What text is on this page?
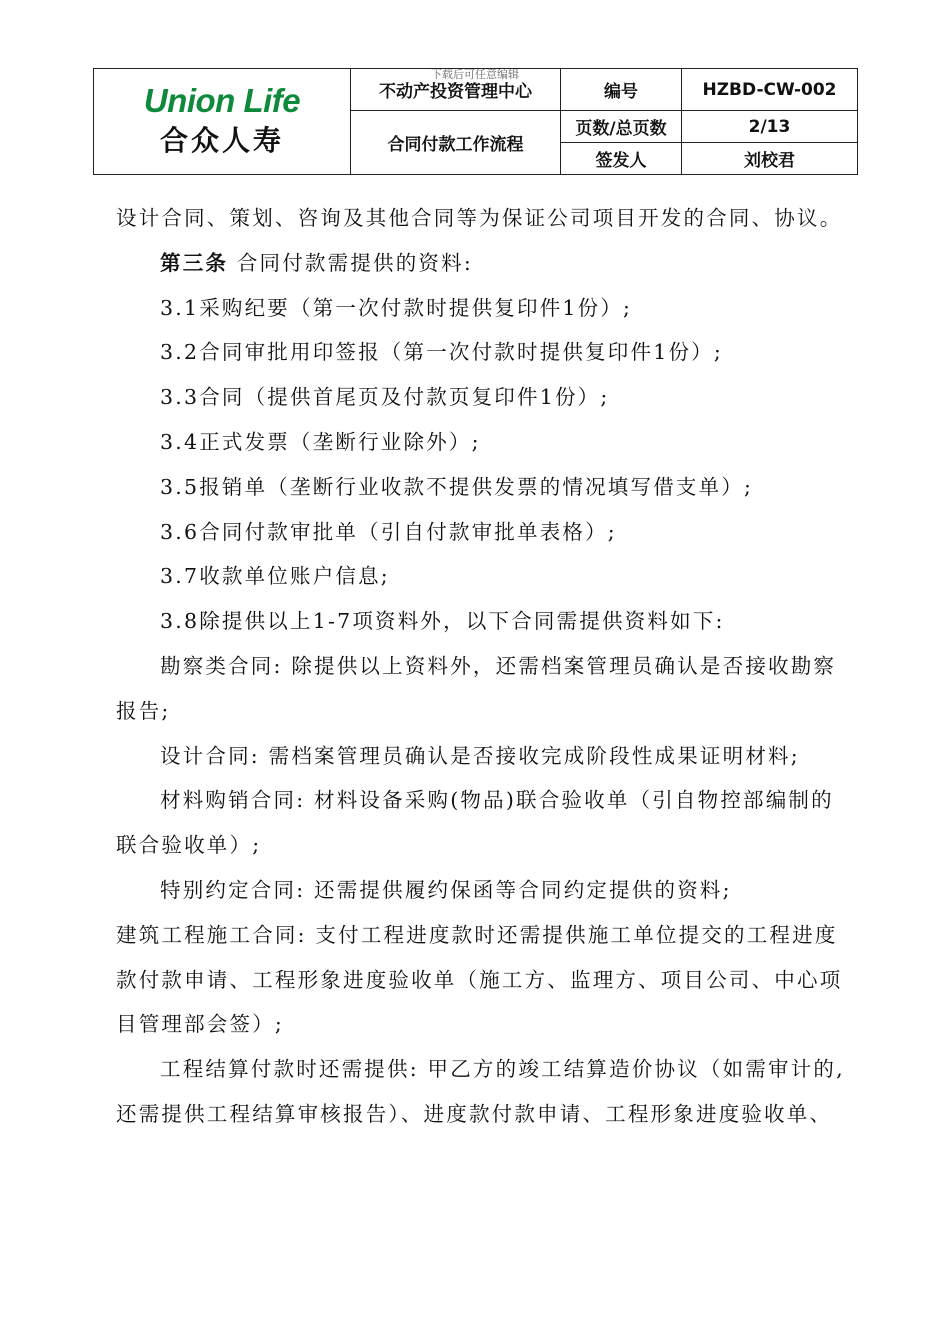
下载后可任意编辑
Union Life
合众人寿	不动产投资管理中心	编号	HZBD-CW-002
	合同付款工作流程	页数/总页数	2/13
		签发人	刘校君

设计合同、策划、咨询及其他合同等为保证公司项目开发的合同、协议。

第三条 合同付款需提供的资料:

3.1采购纪要（第一次付款时提供复印件1份）;

3.2合同审批用印签报（第一次付款时提供复印件1份）;

3.3合同（提供首尾页及付款页复印件1份）;

3.4正式发票（垄断行业除外）;

3.5报销单（垄断行业收款不提供发票的情况填写借支单）;

3.6合同付款审批单（引自付款审批单表格）;

3.7收款单位账户信息;

3.8除提供以上1-7项资料外，以下合同需提供资料如下:

勘察类合同: 除提供以上资料外，还需档案管理员确认是否接收勘察

报告;

设计合同: 需档案管理员确认是否接收完成阶段性成果证明材料;

材料购销合同: 材料设备采购(物品)联合验收单（引自物控部编制的

联合验收单）;

特别约定合同: 还需提供履约保函等合同约定提供的资料;

建筑工程施工合同: 支付工程进度款时还需提供施工单位提交的工程进度

款付款申请、工程形象进度验收单（施工方、监理方、项目公司、中心项

目管理部会签）;

工程结算付款时还需提供: 甲乙方的竣工结算造价协议（如需审计的,

还需提供工程结算审核报告）、进度款付款申请、工程形象进度验收单、
